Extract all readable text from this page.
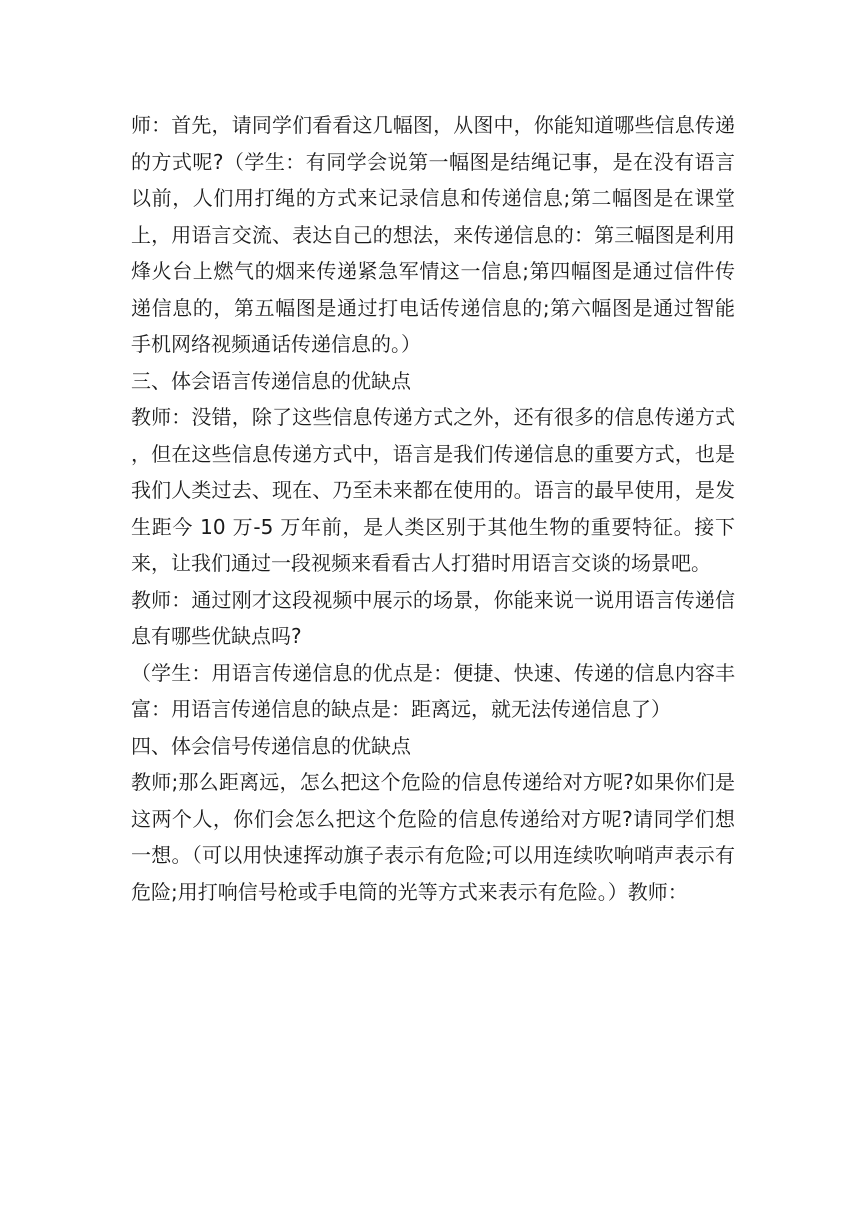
师：首先，请同学们看看这几幅图，从图中，你能知道哪些信息传递的方式呢?（学生：有同学会说第一幅图是结绳记事，是在没有语言以前，人们用打绳的方式来记录信息和传递信息;第二幅图是在课堂上，用语言交流、表达自己的想法，来传递信息的：第三幅图是利用烽火台上燃气的烟来传递紧急军情这一信息;第四幅图是通过信件传递信息的，第五幅图是通过打电话传递信息的;第六幅图是通过智能手机网络视频通话传递信息的。）

三、体会语言传递信息的优缺点

教师：没错，除了这些信息传递方式之外，还有很多的信息传递方式，但在这些信息传递方式中，语言是我们传递信息的重要方式，也是我们人类过去、现在、乃至未来都在使用的。语言的最早使用，是发生距今 10 万-5 万年前，是人类区别于其他生物的重要特征。接下来，让我们通过一段视频来看看古人打猎时用语言交谈的场景吧。

教师：通过刚才这段视频中展示的场景，你能来说一说用语言传递信息有哪些优缺点吗?

（学生：用语言传递信息的优点是：便捷、快速、传递的信息内容丰富：用语言传递信息的缺点是：距离远，就无法传递信息了）

四、体会信号传递信息的优缺点

教师;那么距离远，怎么把这个危险的信息传递给对方呢?如果你们是这两个人，你们会怎么把这个危险的信息传递给对方呢?请同学们想一想。（可以用快速挥动旗子表示有危险;可以用连续吹响哨声表示有危险;用打响信号枪或手电筒的光等方式来表示有危险。）教师：
